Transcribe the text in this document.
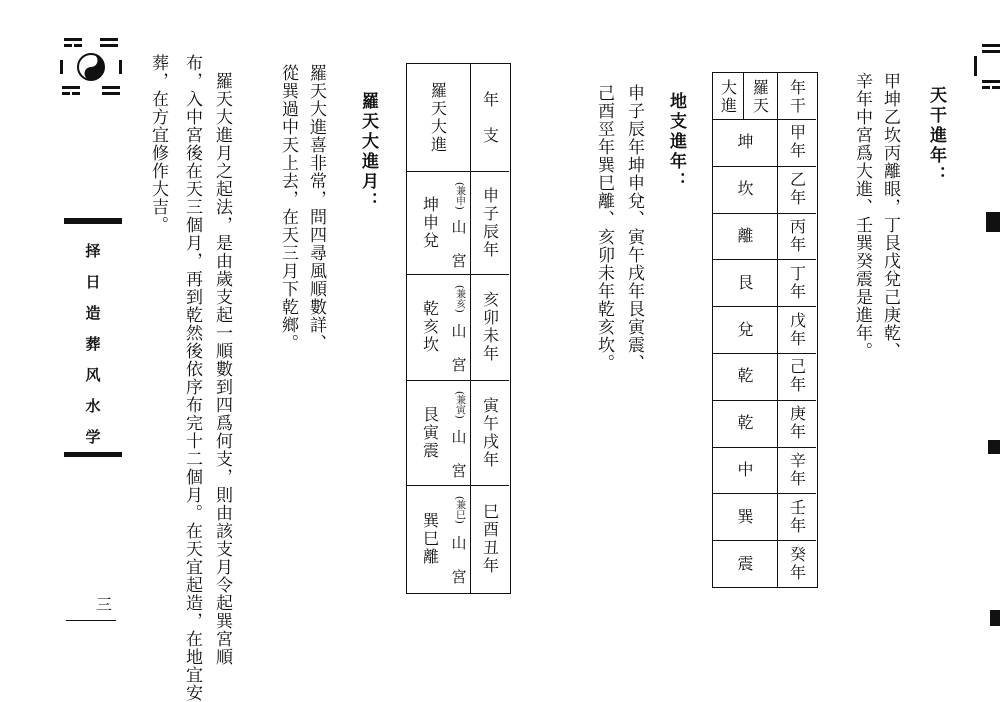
择
日
造
葬
风
水
学
三
羅天大進月：
羅天大進喜非常，問四尋風順數詳、
從巽過中天上去，在天三月下乾鄉。
羅天大進月之起法，是由歲支起一順數到四爲何支，則由該支月令起巽宮順
布，入中宮後在天三個月，再到乾然後依序布完十二個月。在天宜起造，在地宜安
葬，在方宜修作大吉。	年　支
羅天大進
申子辰年
(兼申)
山　宮
坤申兌
亥卯未年
(兼亥)
山　宮
乾亥坎
寅午戌年
(兼寅)
山　宮
艮寅震
巳酉丑年
(兼巳)
山　宮
巽巳離
地支進年：
申子辰年坤申兌、寅午戌年艮寅震、
己酉巠年巽巳離、亥卯未年乾亥坎。	年干
羅天
大進
甲年
坤
乙年
坎
丙年
離
丁年
艮
戊年
兌
己年
乾
庚年
乾
辛年
中
壬年
巽
癸年
震
天干進年：
甲坤乙坎丙離眼，丁艮戊兌己庚乾、
辛年中宮爲大進、壬巽癸震是進年。
